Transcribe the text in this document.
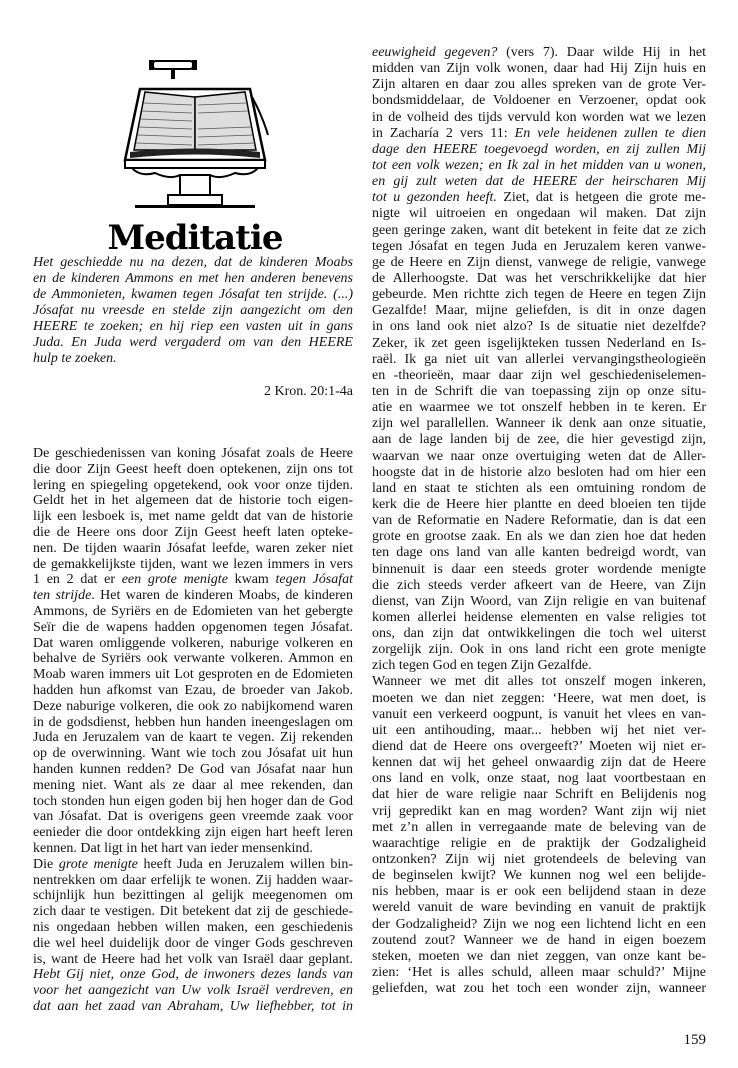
Meditatie
Het geschiedde nu na dezen, dat de kinderen Moabs
en de kinderen Ammons en met hen anderen benevens
de Ammonieten, kwamen tegen Jósafat ten strijde. (...)
Jósafat nu vreesde en stelde zijn aangezicht om den
HEERE te zoeken; en hij riep een vasten uit in gans
Juda. En Juda werd vergaderd om van den HEERE
hulp te zoeken.
2 Kron. 20:1-4a
De geschiedenissen van koning Jósafat zoals de Heere
die door Zijn Geest heeft doen optekenen, zijn ons tot
lering en spiegeling opgetekend, ook voor onze tijden.
Geldt het in het algemeen dat de historie toch eigen-
lijk een lesboek is, met name geldt dat van de historie
die de Heere ons door Zijn Geest heeft laten opteke-
nen. De tijden waarin Jósafat leefde, waren zeker niet
de gemakkelijkste tijden, want we lezen immers in vers
1 en 2 dat er een grote menigte kwam tegen Jósafat
ten strijde. Het waren de kinderen Moabs, de kinderen
Ammons, de Syriërs en de Edomieten van het gebergte
Seïr die de wapens hadden opgenomen tegen Jósafat.
Dat waren omliggende volkeren, naburige volkeren en
behalve de Syriërs ook verwante volkeren. Ammon en
Moab waren immers uit Lot gesproten en de Edomieten
hadden hun afkomst van Ezau, de broeder van Jakob.
Deze naburige volkeren, die ook zo nabijkomend waren
in de godsdienst, hebben hun handen ineengeslagen om
Juda en Jeruzalem van de kaart te vegen. Zij rekenden
op de overwinning. Want wie toch zou Jósafat uit hun
handen kunnen redden? De God van Jósafat naar hun
mening niet. Want als ze daar al mee rekenden, dan
toch stonden hun eigen goden bij hen hoger dan de God
van Jósafat. Dat is overigens geen vreemde zaak voor
eenieder die door ontdekking zijn eigen hart heeft leren
kennen. Dat ligt in het hart van ieder mensenkind.
Die grote menigte heeft Juda en Jeruzalem willen bin-
nentrekken om daar erfelijk te wonen. Zij hadden waar-
schijnlijk hun bezittingen al gelijk meegenomen om
zich daar te vestigen. Dit betekent dat zij de geschiede-
nis ongedaan hebben willen maken, een geschiedenis
die wel heel duidelijk door de vinger Gods geschreven
is, want de Heere had het volk van Israël daar geplant.
Hebt Gij niet, onze God, de inwoners dezes lands van
voor het aangezicht van Uw volk Israël verdreven, en
dat aan het zaad van Abraham, Uw liefhebber, tot in
eeuwigheid gegeven? (vers 7). Daar wilde Hij in het
midden van Zijn volk wonen, daar had Hij Zijn huis en
Zijn altaren en daar zou alles spreken van de grote Ver-
bondsmiddelaar, de Voldoener en Verzoener, opdat ook
in de volheid des tijds vervuld kon worden wat we lezen
in Zacharía 2 vers 11: En vele heidenen zullen te dien
dage den HEERE toegevoegd worden, en zij zullen Mij
tot een volk wezen; en Ik zal in het midden van u wonen,
en gij zult weten dat de HEERE der heirscharen Mij
tot u gezonden heeft. Ziet, dat is hetgeen die grote me-
nigte wil uitroeien en ongedaan wil maken. Dat zijn
geen geringe zaken, want dit betekent in feite dat ze zich
tegen Jósafat en tegen Juda en Jeruzalem keren vanwe-
ge de Heere en Zijn dienst, vanwege de religie, vanwege
de Allerhoogste. Dat was het verschrikkelijke dat hier
gebeurde. Men richtte zich tegen de Heere en tegen Zijn
Gezalfde! Maar, mijne geliefden, is dit in onze dagen
in ons land ook niet alzo? Is de situatie niet dezelfde?
Zeker, ik zet geen isgelijkteken tussen Nederland en Is-
raël. Ik ga niet uit van allerlei vervangingstheologieën
en -theorieën, maar daar zijn wel geschiedeniselemen-
ten in de Schrift die van toepassing zijn op onze situ-
atie en waarmee we tot onszelf hebben in te keren. Er
zijn wel parallellen. Wanneer ik denk aan onze situatie,
aan de lage landen bij de zee, die hier gevestigd zijn,
waarvan we naar onze overtuiging weten dat de Aller-
hoogste dat in de historie alzo besloten had om hier een
land en staat te stichten als een omtuining rondom de
kerk die de Heere hier plantte en deed bloeien ten tijde
van de Reformatie en Nadere Reformatie, dan is dat een
grote en grootse zaak. En als we dan zien hoe dat heden
ten dage ons land van alle kanten bedreigd wordt, van
binnenuit is daar een steeds groter wordende menigte
die zich steeds verder afkeert van de Heere, van Zijn
dienst, van Zijn Woord, van Zijn religie en van buitenaf
komen allerlei heidense elementen en valse religies tot
ons, dan zijn dat ontwikkelingen die toch wel uiterst
zorgelijk zijn. Ook in ons land richt een grote menigte
zich tegen God en tegen Zijn Gezalfde.
Wanneer we met dit alles tot onszelf mogen inkeren,
moeten we dan niet zeggen: ‘Heere, wat men doet, is
vanuit een verkeerd oogpunt, is vanuit het vlees en van-
uit een antihouding, maar... hebben wij het niet ver-
diend dat de Heere ons overgeeft?’ Moeten wij niet er-
kennen dat wij het geheel onwaardig zijn dat de Heere
ons land en volk, onze staat, nog laat voortbestaan en
dat hier de ware religie naar Schrift en Belijdenis nog
vrij gepredikt kan en mag worden? Want zijn wij niet
met z’n allen in verregaande mate de beleving van de
waarachtige religie en de praktijk der Godzaligheid
ontzonken? Zijn wij niet grotendeels de beleving van
de beginselen kwijt? We kunnen nog wel een belijde-
nis hebben, maar is er ook een belijdend staan in deze
wereld vanuit de ware bevinding en vanuit de praktijk
der Godzaligheid? Zijn we nog een lichtend licht en een
zoutend zout? Wanneer we de hand in eigen boezem
steken, moeten we dan niet zeggen, van onze kant be-
zien: ‘Het is alles schuld, alleen maar schuld?’ Mijne
geliefden, wat zou het toch een wonder zijn, wanneer
159
